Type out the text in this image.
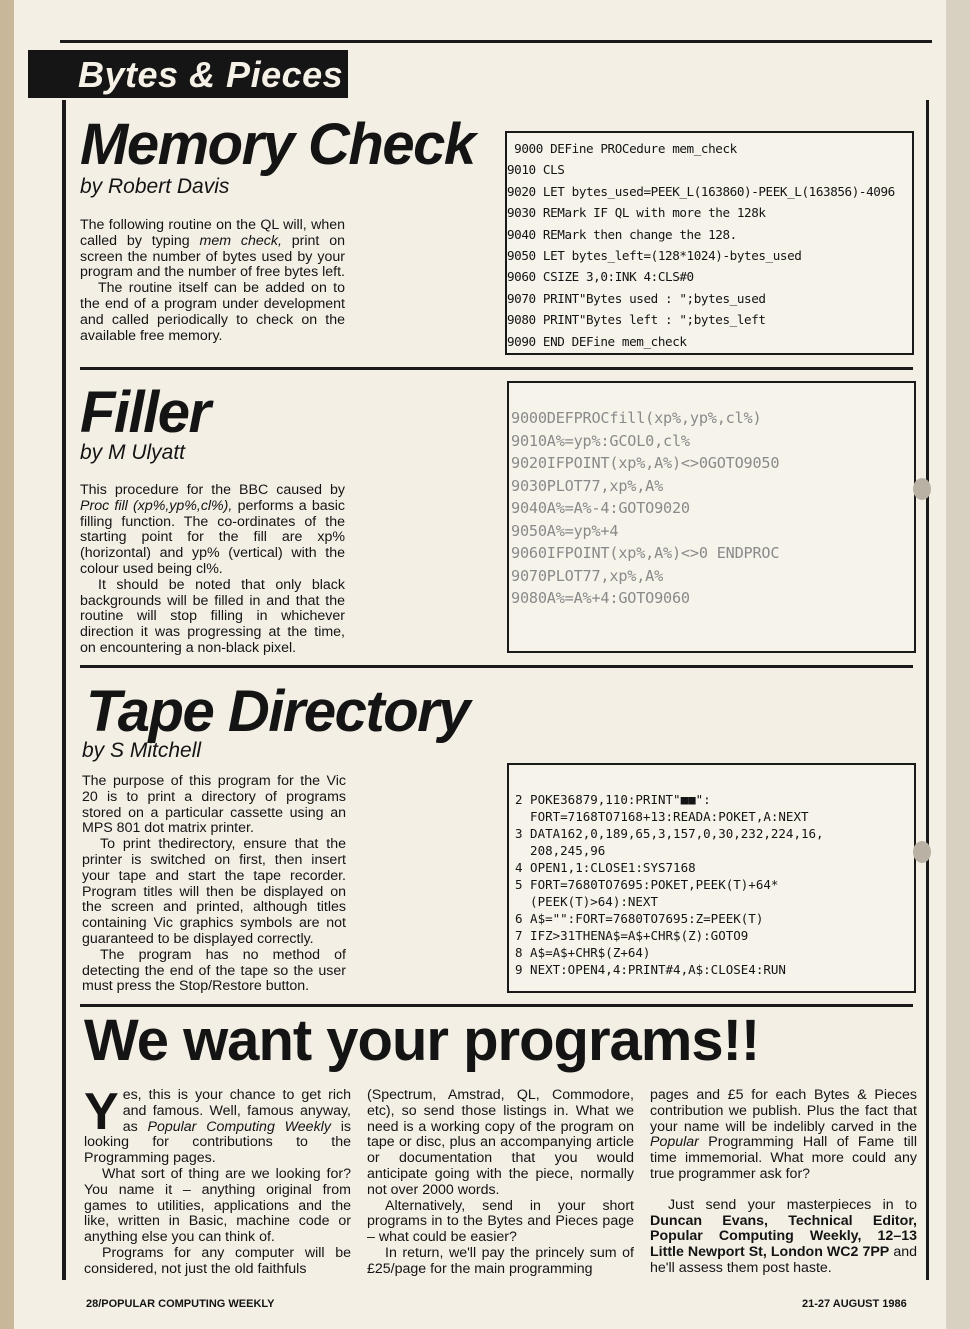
Bytes & Pieces
Memory Check
by Robert Davis

The following routine on the QL will, when called by typing mem check, print on screen the number of bytes used by your program and the number of free bytes left.

The routine itself can be added on to the end of a program under development and called periodically to check on the available free memory.

9000 DEFine PROCedure mem_check
9010 CLS
9020 LET bytes_used=PEEK_L(163860)-PEEK_L(163856)-4096
9030 REMark IF QL with more the 128k
9040 REMark then change the 128.
9050 LET bytes_left=(128*1024)-bytes_used
9060 CSIZE 3,0:INK 4:CLS#0
9070 PRINT"Bytes used : ";bytes_used
9080 PRINT"Bytes left : ";bytes_left
9090 END DEFine mem_check
Filler
by M Ulyatt

This procedure for the BBC caused by Proc fill (xp%,yp%,cl%), performs a basic filling function. The co-ordinates of the starting point for the fill are xp% (horizontal) and yp% (vertical) with the colour used being cl%.

It should be noted that only black backgrounds will be filled in and that the routine will stop filling in whichever direction it was progressing at the time, on encountering a non-black pixel.

9000DEFPROCfill(xp%,yp%,cl%)
9010A%=yp%:GCOL0,cl%
9020IFPOINT(xp%,A%)<>0GOTO9050
9030PLOT77,xp%,A%
9040A%=A%-4:GOTO9020
9050A%=yp%+4
9060IFPOINT(xp%,A%)<>0 ENDPROC
9070PLOT77,xp%,A%
9080A%=A%+4:GOTO9060
Tape Directory
by S Mitchell

The purpose of this program for the Vic 20 is to print a directory of programs stored on a particular cassette using an MPS 801 dot matrix printer.

To print thedirectory, ensure that the printer is switched on first, then insert your tape and start the tape recorder. Program titles will then be displayed on the screen and printed, although titles containing Vic graphics symbols are not guaranteed to be displayed correctly.

The program has no method of detecting the end of the tape so the user must press the Stop/Restore button.

2 POKE36879,110:PRINT"■■":
FORT=7168TO7168+13:READA:POKET,A:NEXT
3 DATA162,0,189,65,3,157,0,30,232,224,16,
208,245,96
4 OPEN1,1:CLOSE1:SYS7168
5 FORT=7680TO7695:POKET,PEEK(T)+64*
(PEEK(T)>64):NEXT
6 A$="":FORT=7680TO7695:Z=PEEK(T)
7 IFZ>31THENA$=A$+CHR$(Z):GOTO9
8 A$=A$+CHR$(Z+64)
9 NEXT:OPEN4,4:PRINT#4,A$:CLOSE4:RUN
We want your programs!!

Yes, this is your chance to get rich and famous. Well, famous anyway, as Popular Computing Weekly is looking for contributions to the Programming pages.

What sort of thing are we looking for? You name it – anything original from games to utilities, applications and the like, written in Basic, machine code or anything else you can think of.

Programs for any computer will be considered, not just the old faithfuls

(Spectrum, Amstrad, QL, Commodore, etc), so send those listings in. What we need is a working copy of the program on tape or disc, plus an accompanying article or documentation that you would anticipate going with the piece, normally not over 2000 words.

Alternatively, send in your short programs in to the Bytes and Pieces page – what could be easier?

In return, we'll pay the princely sum of £25/page for the main programming

pages and £5 for each Bytes & Pieces contribution we publish. Plus the fact that your name will be indelibly carved in the Popular Programming Hall of Fame till time immemorial. What more could any true programmer ask for?

Just send your masterpieces in to Duncan Evans, Technical Editor, Popular Computing Weekly, 12–13 Little Newport St, London WC2 7PP and he'll assess them post haste.

28/POPULAR COMPUTING WEEKLY	21-27 AUGUST 1986
